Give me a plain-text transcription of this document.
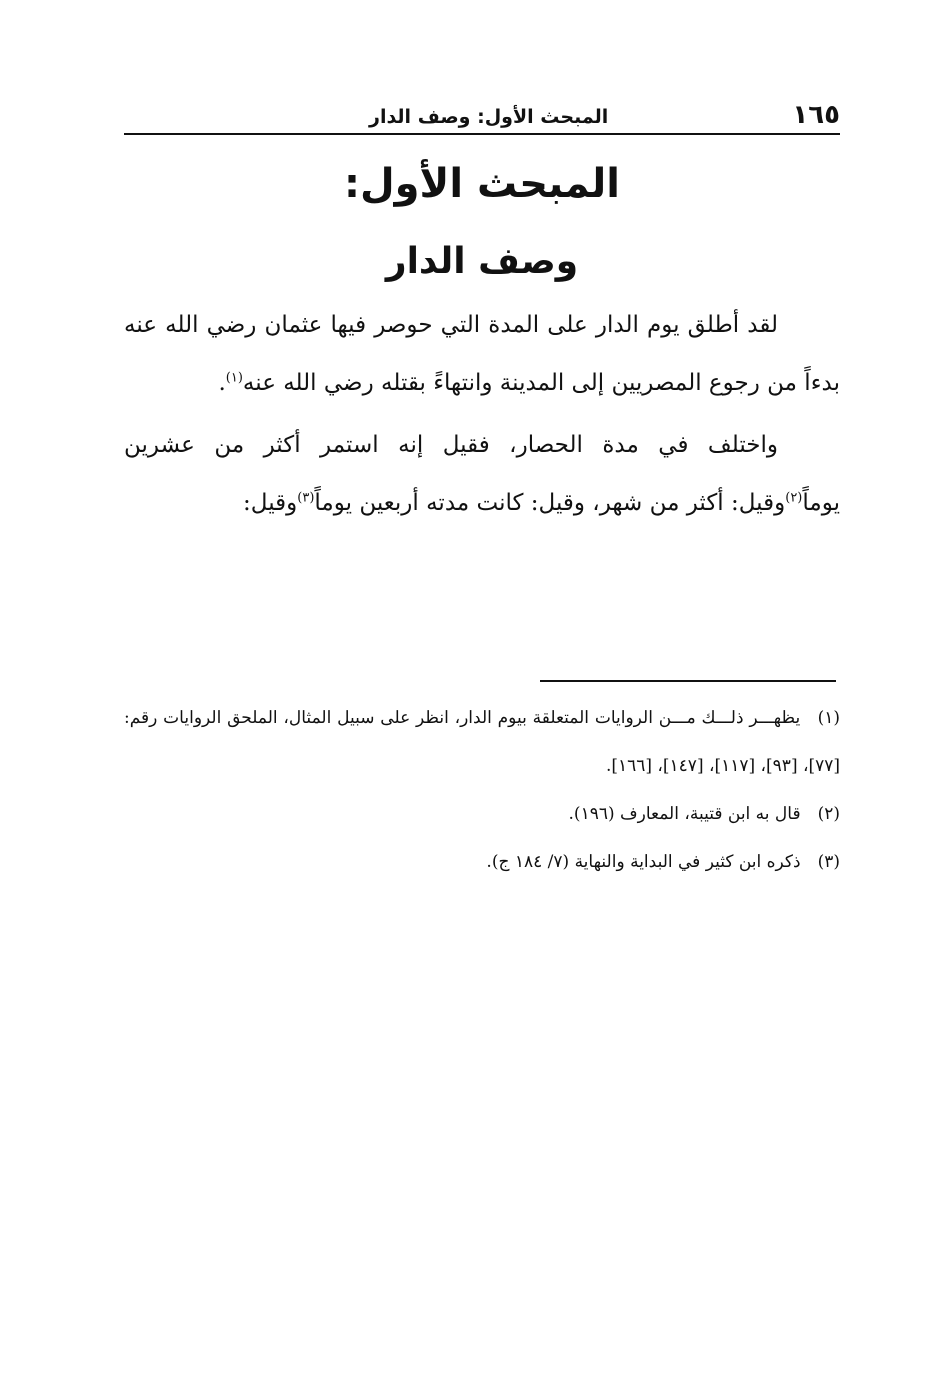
١٦٥
المبحث الأول: وصف الدار
المبحث الأول:
وصف الدار

لقد أطلق يوم الدار على المدة التي حوصر فيها عثمان رضي الله عنه بدءاً من رجوع المصريين إلى المدينة وانتهاءً بقتله رضي الله عنه$^{(١)}$.

واختلف في مدة الحصار، فقيل إنه استمر أكثر من عشرين يوماً$^{(٢)}$وقيل: أكثر من شهر، وقيل: كانت مدته أربعين يوماً$^{(٣)}$وقيل:

(١) يظهـــر ذلـــك مـــن الروايات المتعلقة بيوم الدار، انظر على سبيل المثال، الملحق الروايات رقم: [٧٧]، [٩٣]، [١١٧]، [١٤٧]، [١٦٦].

(٢) قال به ابن قتيبة، المعارف (١٩٦).

(٣) ذكره ابن كثير في البداية والنهاية (٧/ ١٨٤ ج).
